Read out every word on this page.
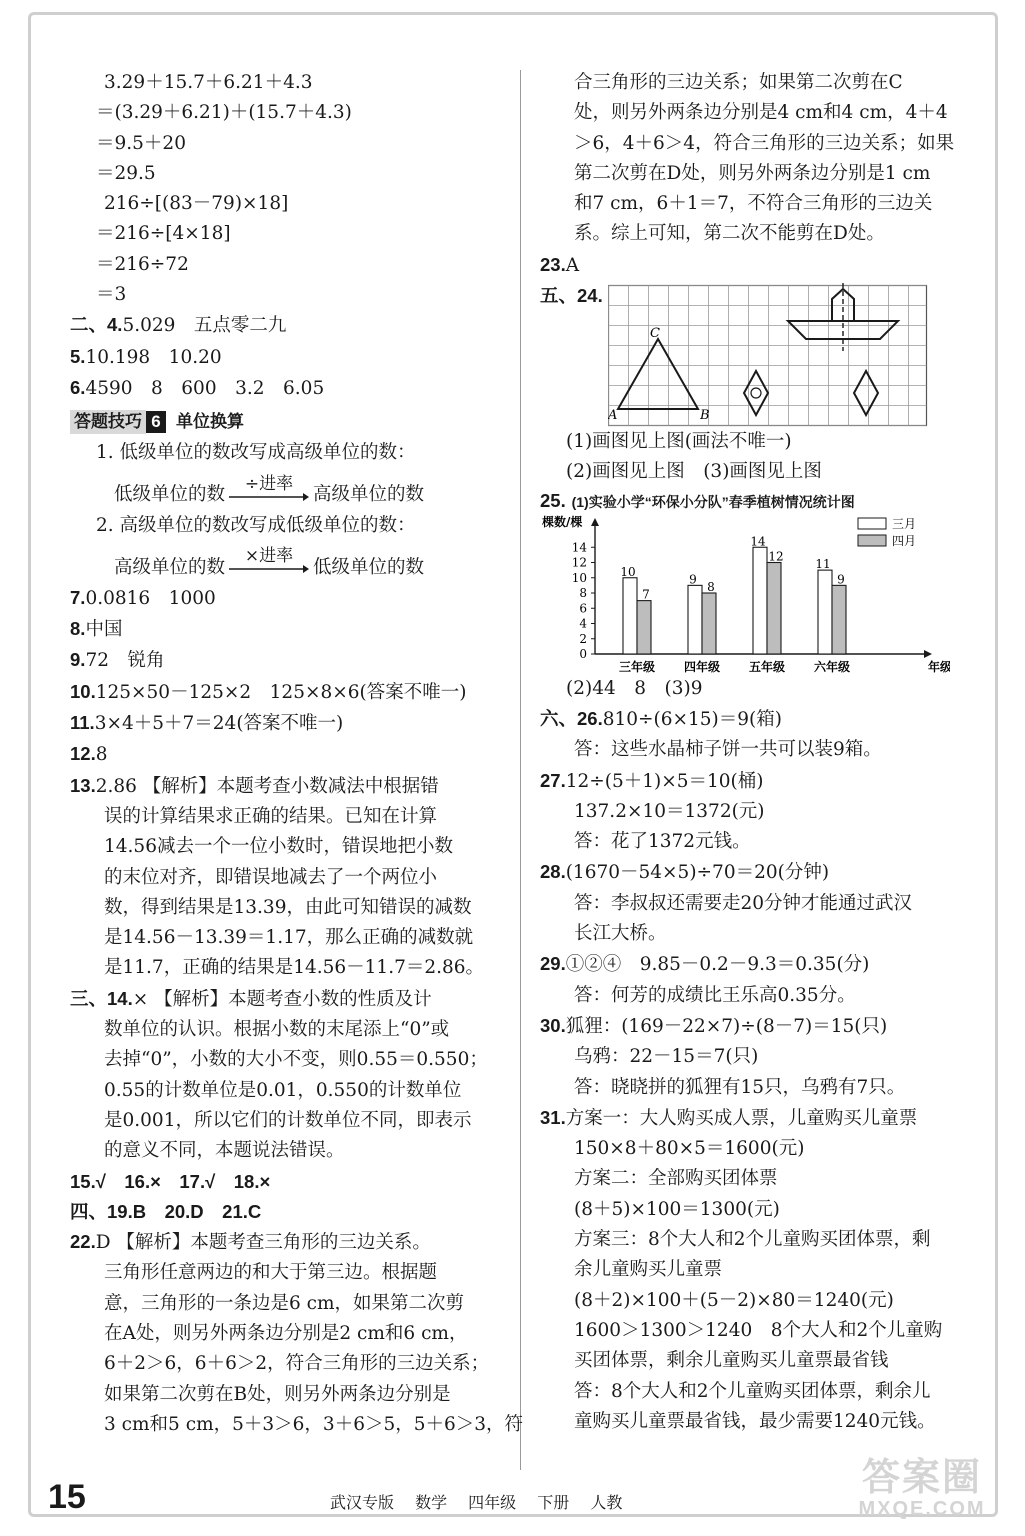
3.29＋15.7＋6.21＋4.3
＝(3.29＋6.21)＋(15.7＋4.3)
＝9.5＋20
＝29.5
216÷[(83－79)×18]
＝216÷[4×18]
＝216÷72
＝3
二、4.5.029　五点零二九
5.10.198　10.20
6.4590　8　600　3.2　6.05
答题技巧 6 单位换算
1. 低级单位的数改写成高级单位的数：
低级单位的数
÷进率
高级单位的数
2. 高级单位的数改写成低级单位的数：
高级单位的数
×进率
低级单位的数
7.0.0816　1000
8.中国
9.72　锐角
10.125×50－125×2　125×8×6(答案不唯一)
11.3×4＋5＋7＝24(答案不唯一)
12.8
13.2.86 【解析】本题考查小数减法中根据错
误的计算结果求正确的结果。已知在计算
14.56减去一个一位小数时，错误地把小数
的末位对齐，即错误地减去了一个两位小
数，得到结果是13.39，由此可知错误的减数
是14.56－13.39＝1.17，那么正确的减数就
是11.7，正确的结果是14.56－11.7＝2.86。
三、14.× 【解析】本题考查小数的性质及计
数单位的认识。根据小数的末尾添上“0”或
去掉“0”，小数的大小不变，则0.55＝0.550；
0.55的计数单位是0.01，0.550的计数单位
是0.001，所以它们的计数单位不同，即表示
的意义不同，本题说法错误。
15.√　16.×　17.√　18.×
四、19.B　20.D　21.C
22.D 【解析】本题考查三角形的三边关系。
三角形任意两边的和大于第三边。根据题
意，三角形的一条边是6 cm，如果第二次剪
在A处，则另外两条边分别是2 cm和6 cm，
6＋2＞6，6＋6＞2，符合三角形的三边关系；
如果第二次剪在B处，则另外两条边分别是
3 cm和5 cm，5＋3＞6，3＋6＞5，5＋6＞3，符
合三角形的三边关系；如果第二次剪在C
处，则另外两条边分别是4 cm和4 cm，4＋4
＞6，4＋6＞4，符合三角形的三边关系；如果
第二次剪在D处，则另外两条边分别是1 cm
和7 cm，6＋1＝7，不符合三角形的三边关
系。综上可知，第二次不能剪在D处。
23.A
五、24.
C
A	B
(1)画图见上图(画法不唯一)
(2)画图见上图　(3)画图见上图
25. (1)实验小学“环保小分队”春季植树情况统计图
棵数/棵
年级
0
2
4
6
8
10
12
14
10
7
三年级
9
8
四年级
14
12
五年级
11
9
六年级
三月
四月
(2)44　8　(3)9
六、26.810÷(6×15)＝9(箱)
答：这些水晶柿子饼一共可以装9箱。
27.12÷(5＋1)×5＝10(桶)
137.2×10＝1372(元)
答：花了1372元钱。
28.(1670－54×5)÷70＝20(分钟)
答：李叔叔还需要走20分钟才能通过武汉
长江大桥。
29.①②④　9.85－0.2－9.3＝0.35(分)
答：何芳的成绩比王乐高0.35分。
30.狐狸：(169－22×7)÷(8－7)＝15(只)
乌鸦：22－15＝7(只)
答：晓晓拼的狐狸有15只，乌鸦有7只。
31.方案一：大人购买成人票，儿童购买儿童票
150×8＋80×5＝1600(元)
方案二：全部购买团体票
(8＋5)×100＝1300(元)
方案三：8个大人和2个儿童购买团体票，剩
余儿童购买儿童票
(8＋2)×100＋(5－2)×80＝1240(元)
1600＞1300＞1240　8个大人和2个儿童购
买团体票，剩余儿童购买儿童票最省钱
答：8个大人和2个儿童购买团体票，剩余儿
童购买儿童票最省钱，最少需要1240元钱。
15	武汉专版 数学 四年级 下册 人教
答案圈
MXQE.COM
